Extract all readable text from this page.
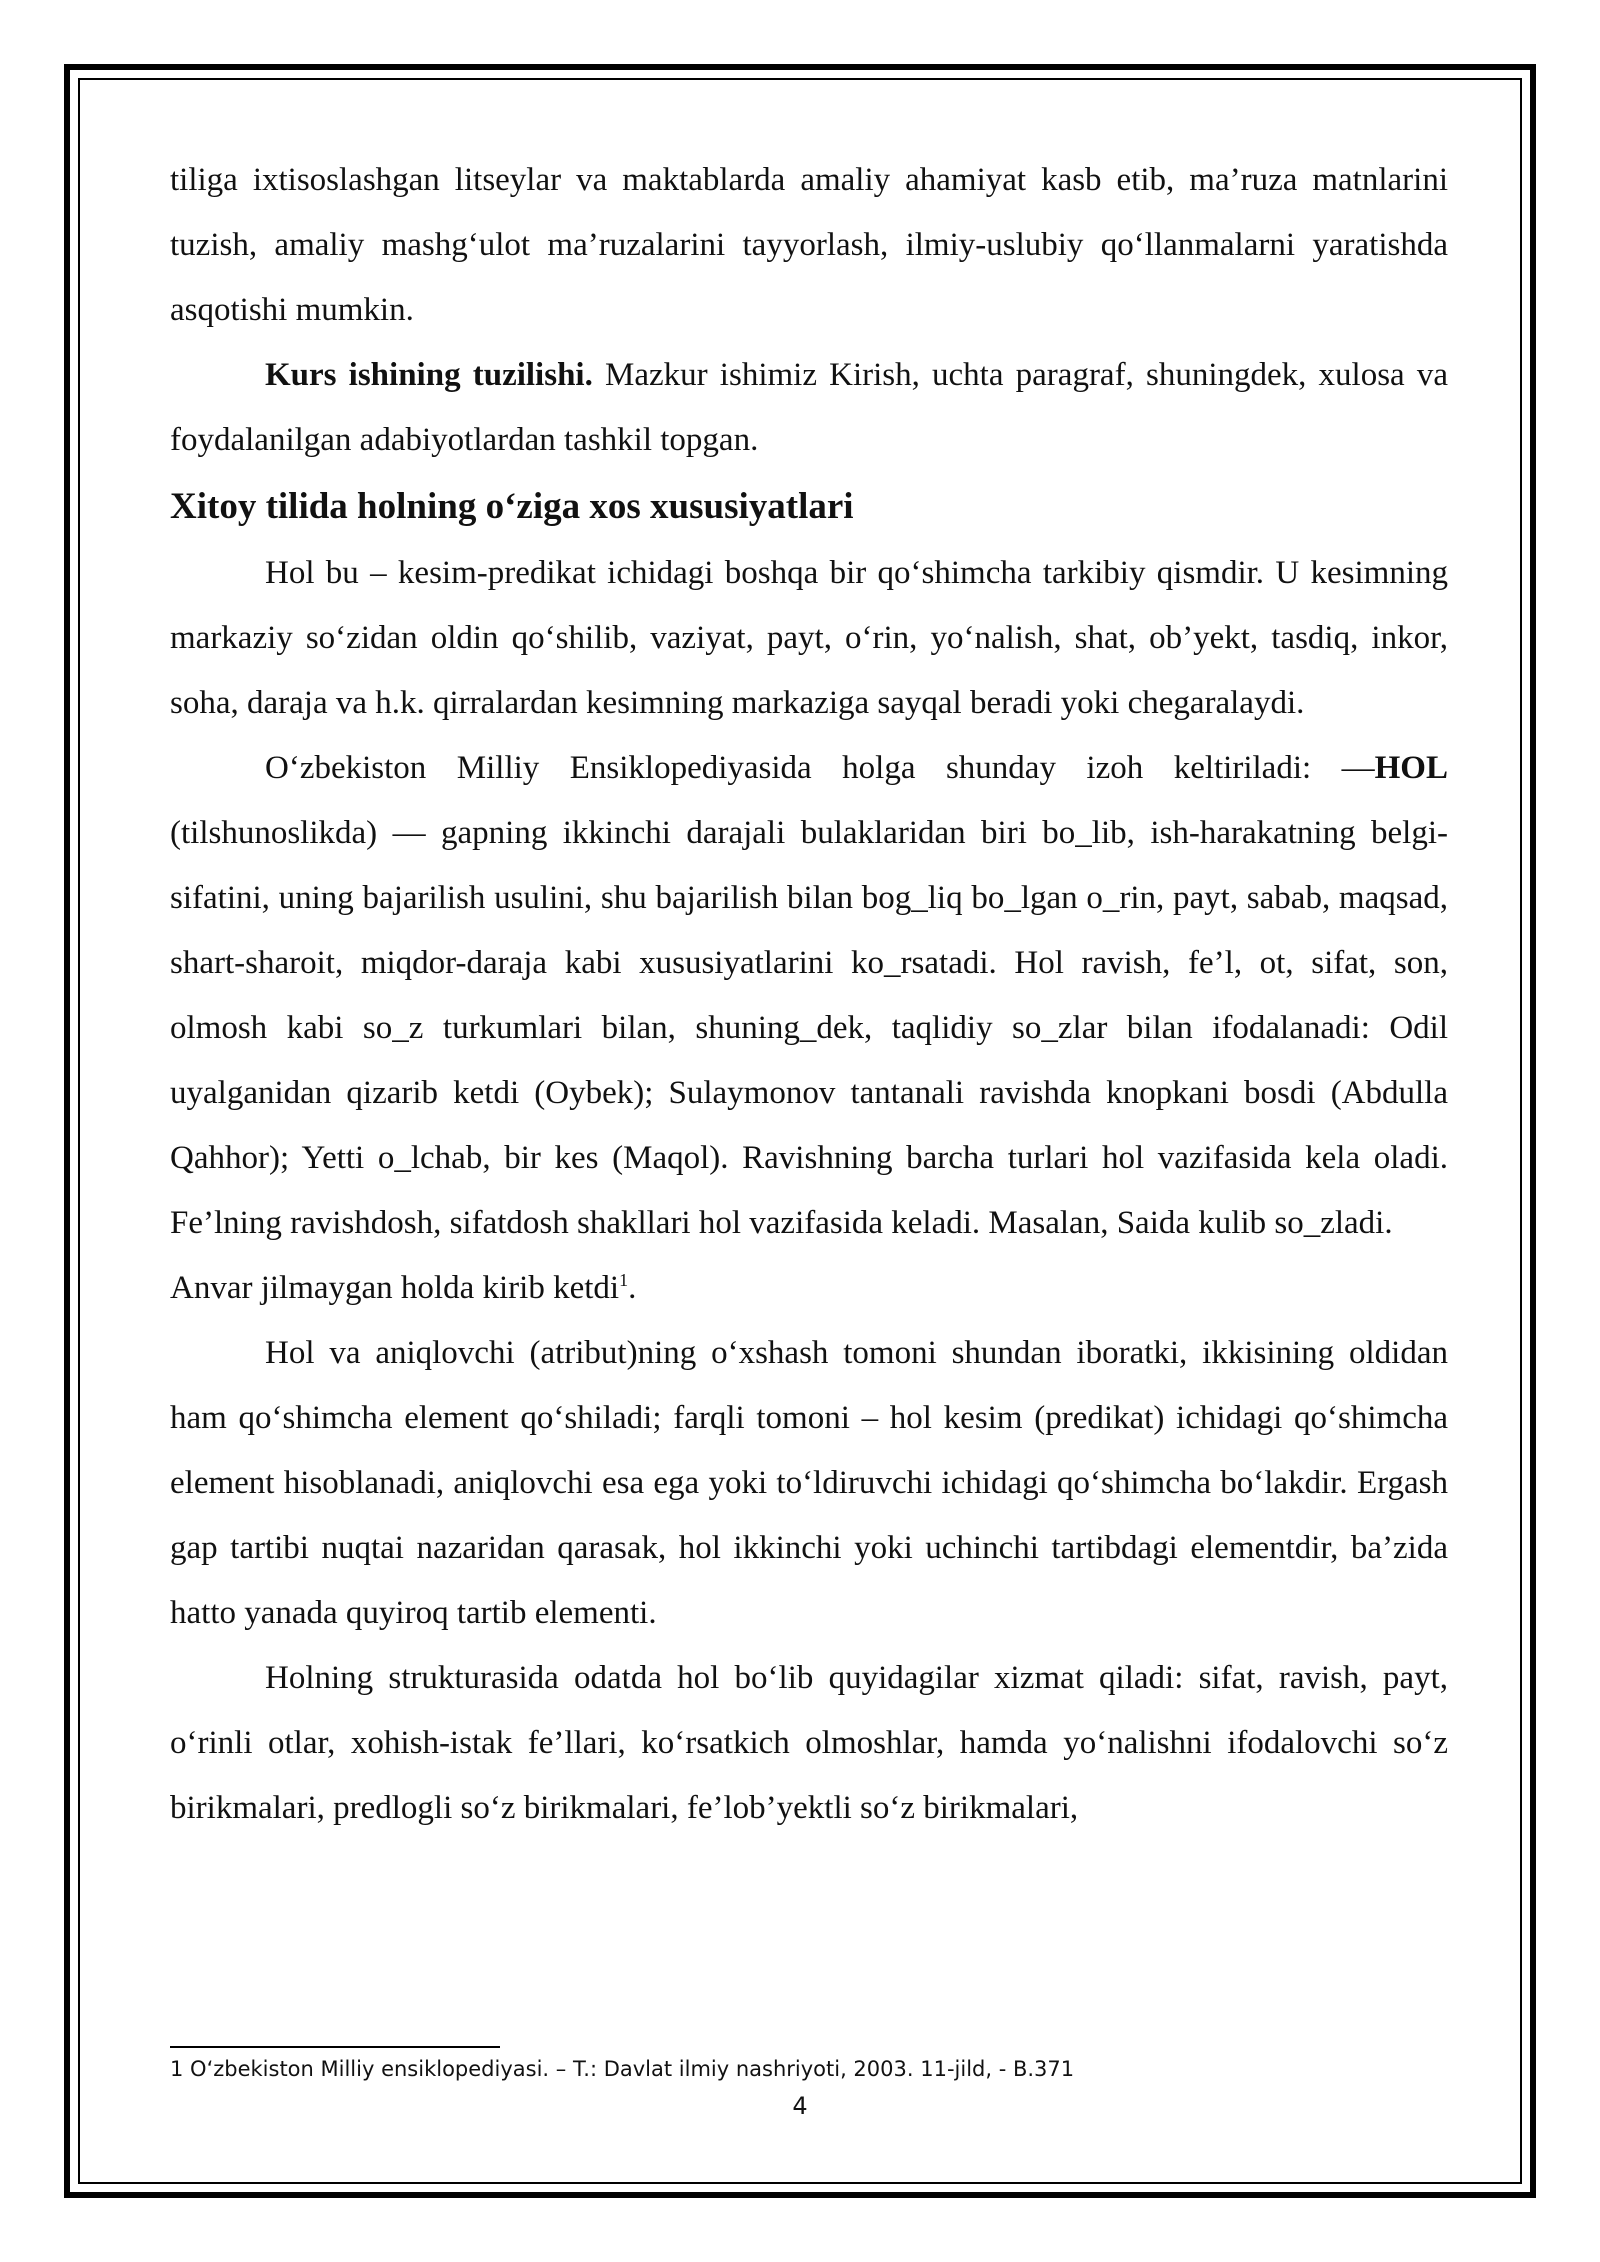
tiliga ixtisoslashgan litseylar va maktablarda amaliy ahamiyat kasb etib, ma’ruza matnlarini tuzish, amaliy mashg‘ulot ma’ruzalarini tayyorlash, ilmiy-uslubiy qo‘llanmalarni yaratishda asqotishi mumkin.

Kurs ishining tuzilishi. Mazkur ishimiz Kirish, uchta paragraf, shuningdek, xulosa va foydalanilgan adabiyotlardan tashkil topgan.

Xitoy tilida holning o‘ziga xos xususiyatlari

Hol bu – kesim-predikat ichidagi boshqa bir qo‘shimcha tarkibiy qismdir. U kesimning markaziy so‘zidan oldin qo‘shilib, vaziyat, payt, o‘rin, yo‘nalish, shat, ob’yekt, tasdiq, inkor, soha, daraja va h.k. qirralardan kesimning markaziga sayqal beradi yoki chegaralaydi.

O‘zbekiston Milliy Ensiklopediyasida holga shunday izoh keltiriladi: —HOL (tilshunoslikda) — gapning ikkinchi darajali bulaklaridan biri bo_lib, ish-harakatning belgi-sifatini, uning bajarilish usulini, shu bajarilish bilan bog_liq bo_lgan o_rin, payt, sabab, maqsad, shart-sharoit, miqdor-daraja kabi xususiyatlarini ko_rsatadi. Hol ravish, fe’l, ot, sifat, son, olmosh kabi so_z turkumlari bilan, shuning_dek, taqlidiy so_zlar bilan ifodalanadi: Odil uyalganidan qizarib ketdi (Oybek); Sulaymonov tantanali ravishda knopkani bosdi (Abdulla Qahhor); Yetti o_lchab, bir kes (Maqol). Ravishning barcha turlari hol vazifasida kela oladi. Fe’lning ravishdosh, sifatdosh shakllari hol vazifasida keladi. Masalan, Saida kulib so_zladi.

Anvar jilmaygan holda kirib ketdi$^1$.

Hol va aniqlovchi (atribut)ning o‘xshash tomoni shundan iboratki, ikkisining oldidan ham qo‘shimcha element qo‘shiladi; farqli tomoni – hol kesim (predikat) ichidagi qo‘shimcha element hisoblanadi, aniqlovchi esa ega yoki to‘ldiruvchi ichidagi qo‘shimcha bo‘lakdir. Ergash gap tartibi nuqtai nazaridan qarasak, hol ikkinchi yoki uchinchi tartibdagi elementdir, ba’zida hatto yanada quyiroq tartib elementi.

Holning strukturasida odatda hol bo‘lib quyidagilar xizmat qiladi: sifat, ravish, payt, o‘rinli otlar, xohish-istak fe’llari, ko‘rsatkich olmoshlar, hamda yo‘nalishni ifodalovchi so‘z birikmalari, predlogli so‘z birikmalari, fe’lob’yektli so‘z birikmalari,

1 O‘zbekiston Milliy ensiklopediyasi. – T.: Davlat ilmiy nashriyoti, 2003. 11-jild, - B.371
4
